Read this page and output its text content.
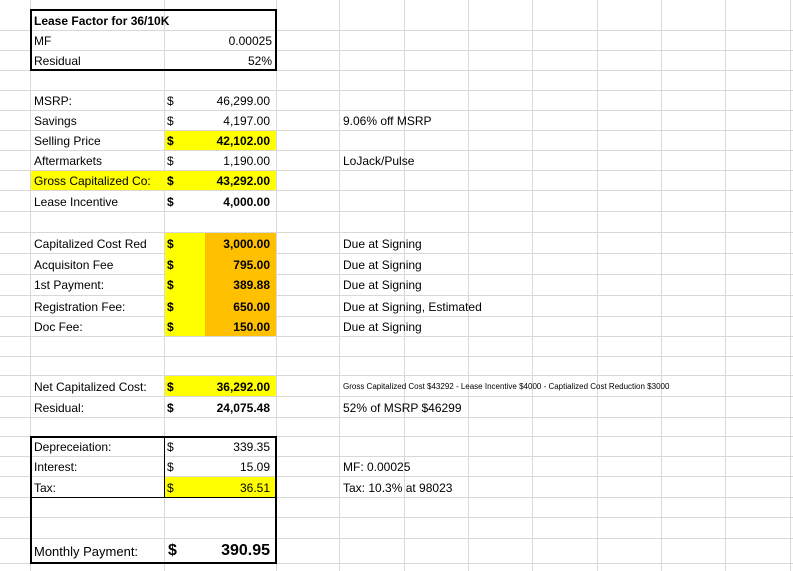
Lease Factor for 36/10K
MF	0.00025
Residual	52%
MSRP:	$	46,299.00
Savings	$	4,197.00	9.06% off MSRP
Selling Price	$	42,102.00
Aftermarkets	$	1,190.00	LoJack/Pulse
Gross Capitalized Co:	$	43,292.00
Lease Incentive	$	4,000.00
Capitalized Cost Red	$	3,000.00	Due at Signing
Acquisiton Fee	$	795.00	Due at Signing
1st Payment:	$	389.88	Due at Signing
Registration Fee:	$	650.00	Due at Signing, Estimated
Doc Fee:	$	150.00	Due at Signing
Net Capitalized Cost:	$	36,292.00	Gross Capitalized Cost $43292 - Lease Incentive $4000 - Captialized Cost Reduction $3000
Residual:	$	24,075.48	52% of MSRP $46299
Depreceiation:	$	339.35
Interest:	$	15.09	MF: 0.00025
Tax:	$	36.51	Tax: 10.3% at 98023
Monthly Payment:	$	390.95
